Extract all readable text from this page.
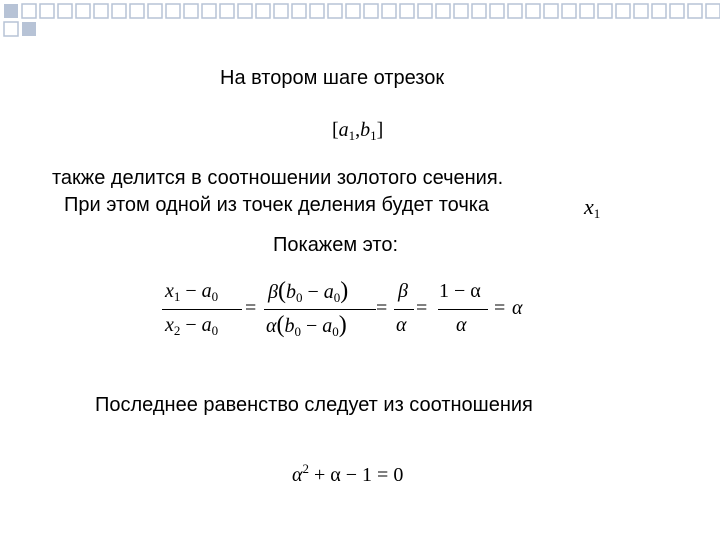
На втором шаге отрезок
$[a_1,b_1]$
также делится в соотношении золотого сечения.
При этом одной из точек деления будет точка	$x_1$
Покажем это:
$x_1 - a_0$
$x_2 - a_0$
=
$\beta(b_0 - a_0)$
$\alpha(b_0 - a_0)$
=
β
α
=
1 − α
α
= α
Последнее равенство следует из соотношения
$\alpha^2 + \alpha - 1 = 0$
